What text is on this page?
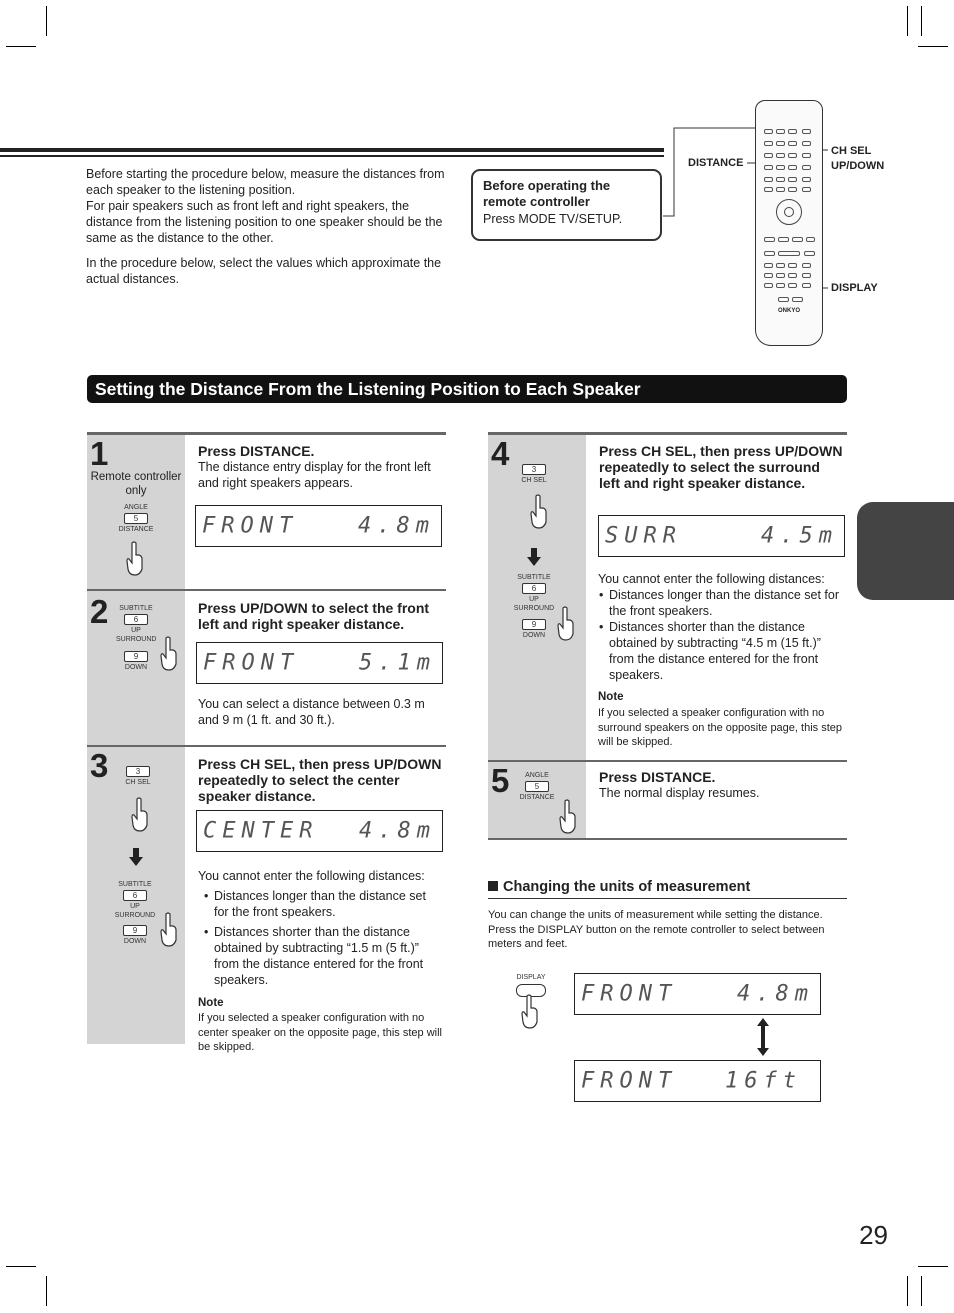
Before starting the procedure below, measure the distances from each speaker to the listening position.
For pair speakers such as front left and right speakers, the distance from the listening position to one speaker should be the same as the distance to the other.

In the procedure below, select the values which approximate the actual distances.

Before operating the remote controller
Press MODE TV/SETUP.
DISTANCE
CH SEL
UP/DOWN
DISPLAY
ONKYO
Setting the Distance From the Listening Position to Each Speaker
1
Remote controller only
ANGLE
5
DISTANCE
Press DISTANCE.
The distance entry display for the front left and right speakers appears.
FRONT	4.8m
2	SUBTITLE
6
UP
SURROUND
9
DOWN
Press UP/DOWN to select the front left and right speaker distance.
FRONT	5.1m
You can select a distance between 0.3 m and 9 m (1 ft. and 30 ft.).
3	3
CH SEL
SUBTITLE
6
UP
SURROUND
9
DOWN
Press CH SEL, then press UP/DOWN repeatedly to select the center speaker distance.
CENTER 4.8m
You cannot enter the following distances:
• Distances longer than the distance set for the front speakers.
• Distances shorter than the distance obtained by subtracting “1.5 m (5 ft.)” from the distance entered for the front speakers.
Note
If you selected a speaker configuration with no center speaker on the opposite page, this step will be skipped.
4	3
CH SEL
SUBTITLE
6
UP
SURROUND
9
DOWN
Press CH SEL, then press UP/DOWN repeatedly to select the surround left and right speaker distance.
SURR	4.5m
You cannot enter the following distances:
• Distances longer than the distance set for the front speakers.
• Distances shorter than the distance obtained by subtracting “4.5 m (15 ft.)” from the distance entered for the front speakers.
Note
If you selected a speaker configuration with no surround speakers on the opposite page, this step will be skipped.
5	ANGLE
5
DISTANCE
Press DISTANCE.
The normal display resumes.
Changing the units of measurement
You can change the units of measurement while setting the distance. Press the DISPLAY button on the remote controller to select between meters and feet.
DISPLAY
FRONT	4.8m
FRONT 16ft
29
